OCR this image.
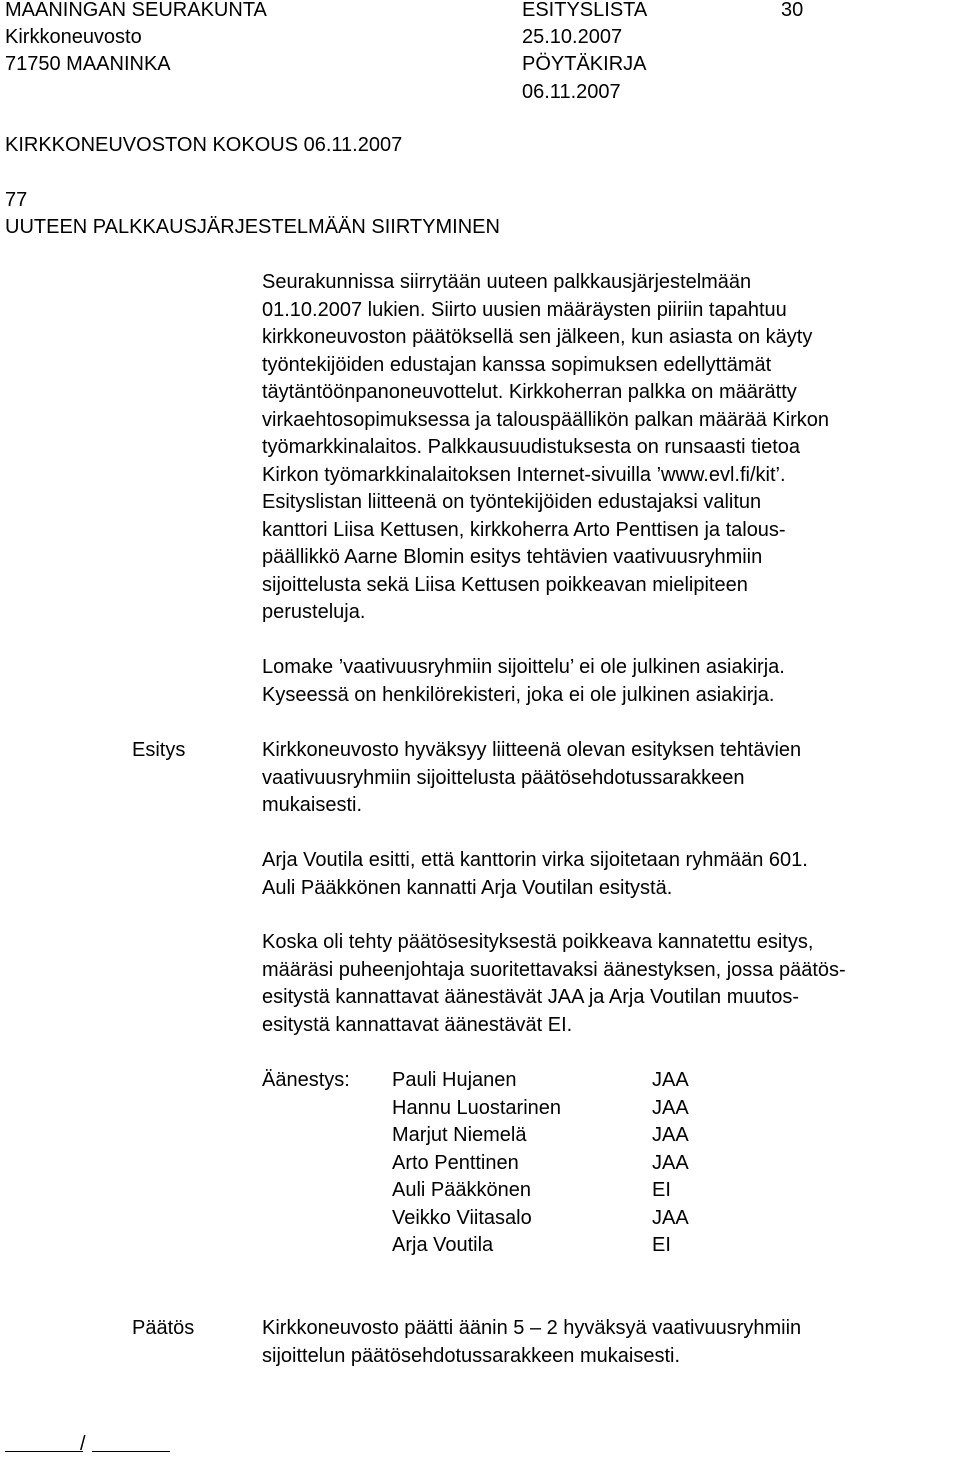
MAANINGAN SEURAKUNTA
Kirkkoneuvosto
71750 MAANINKA
ESITYSLISTA
25.10.2007
PÖYTÄKIRJA
06.11.2007
30
KIRKKONEUVOSTON KOKOUS 06.11.2007
77
UUTEEN PALKKAUSJÄRJESTELMÄÄN SIIRTYMINEN
Seurakunnissa siirrytään uuteen palkkausjärjestelmään
01.10.2007 lukien. Siirto uusien määräysten piiriin tapahtuu
kirkkoneuvoston päätöksellä sen jälkeen, kun asiasta on käyty
työntekijöiden edustajan kanssa sopimuksen edellyttämät
täytäntöönpanoneuvottelut. Kirkkoherran palkka on määrätty
virkaehtosopimuksessa ja talouspäällikön palkan määrää Kirkon
työmarkkinalaitos. Palkkausuudistuksesta on runsaasti tietoa
Kirkon työmarkkinalaitoksen Internet-sivuilla ’www.evl.fi/kit’.
Esityslistan liitteenä on työntekijöiden edustajaksi valitun
kanttori Liisa Kettusen, kirkkoherra Arto Penttisen ja talous-
päällikkö Aarne Blomin esitys tehtävien vaativuusryhmiin
sijoittelusta sekä Liisa Kettusen poikkeavan mielipiteen
perusteluja.
Lomake ’vaativuusryhmiin sijoittelu’ ei ole julkinen asiakirja.
Kyseessä on henkilörekisteri, joka ei ole julkinen asiakirja.
Esitys	Kirkkoneuvosto hyväksyy liitteenä olevan esityksen tehtävien
vaativuusryhmiin sijoittelusta päätösehdotussarakkeen
mukaisesti.
Arja Voutila esitti, että kanttorin virka sijoitetaan ryhmään 601.
Auli Pääkkönen kannatti Arja Voutilan esitystä.
Koska oli tehty päätösesityksestä poikkeava kannatettu esitys,
määräsi puheenjohtaja suoritettavaksi äänestyksen, jossa päätös-
esitystä kannattavat äänestävät JAA ja Arja Voutilan muutos-
esitystä kannattavat äänestävät EI.
Äänestys: Pauli Hujanen
Hannu Luostarinen
Marjut Niemelä
Arto Penttinen
Auli Pääkkönen
Veikko Viitasalo
Arja Voutila
JAA
JAA
JAA
JAA
EI
JAA
EI
Päätös	Kirkkoneuvosto päätti äänin 5 – 2 hyväksyä vaativuusryhmiin
sijoittelun päätösehdotussarakkeen mukaisesti.
/
